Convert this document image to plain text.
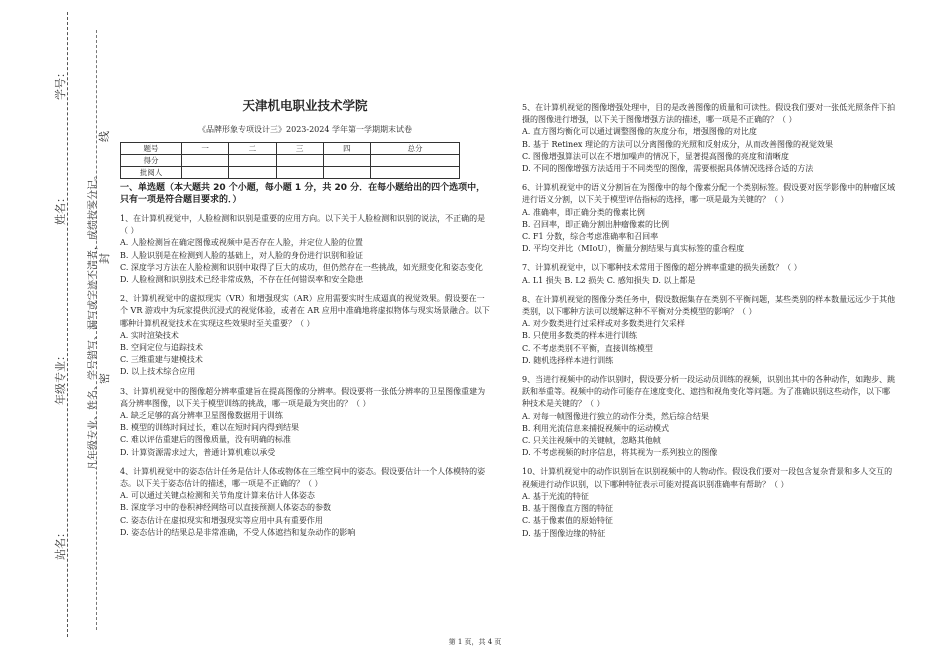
学号：
姓名：
年级专业：
站名：
凡年级专业、姓名、学号错写、漏写或字迹不清者，成绩按零分记。 密
封
线
天津机电职业技术学院
《品牌形象专项设计三》2023-2024 学年第一学期期末试卷
题号	一	二	三	四	总分
得分					
批阅人					
一、单选题（本大题共 20 个小题，每小题 1 分，共 20 分．在每小题给出的四个选项中，只有一项是符合题目要求的．）

1、在计算机视觉中，人脸检测和识别是重要的应用方向。以下关于人脸检测和识别的说法，不正确的是（ ）

A. 人脸检测旨在确定图像或视频中是否存在人脸，并定位人脸的位置

B. 人脸识别是在检测到人脸的基础上，对人脸的身份进行识别和验证

C. 深度学习方法在人脸检测和识别中取得了巨大的成功，但仍然存在一些挑战，如光照变化和姿态变化

D. 人脸检测和识别技术已经非常成熟，不存在任何错误率和安全隐患

2、计算机视觉中的虚拟现实（VR）和增强现实（AR）应用需要实时生成逼真的视觉效果。假设要在一个 VR 游戏中为玩家提供沉浸式的视觉体验，或者在 AR 应用中准确地将虚拟物体与现实场景融合。以下哪种计算机视觉技术在实现这些效果时至关重要？（ ）

A. 实时渲染技术

B. 空间定位与追踪技术

C. 三维重建与建模技术

D. 以上技术综合应用

3、计算机视觉中的图像超分辨率重建旨在提高图像的分辨率。假设要将一张低分辨率的卫星图像重建为高分辨率图像，以下关于模型训练的挑战，哪一项是最为突出的？（ ）

A. 缺乏足够的高分辨率卫星图像数据用于训练

B. 模型的训练时间过长，难以在短时间内得到结果

C. 难以评估重建后的图像质量，没有明确的标准

D. 计算资源需求过大，普通计算机难以承受

4、计算机视觉中的姿态估计任务是估计人体或物体在三维空间中的姿态。假设要估计一个人体模特的姿态。以下关于姿态估计的描述，哪一项是不正确的？（ ）

A. 可以通过关键点检测和关节角度计算来估计人体姿态

B. 深度学习中的卷积神经网络可以直接预测人体姿态的参数

C. 姿态估计在虚拟现实和增强现实等应用中具有重要作用

D. 姿态估计的结果总是非常准确，不受人体遮挡和复杂动作的影响

5、在计算机视觉的图像增强处理中，目的是改善图像的质量和可读性。假设我们要对一张低光照条件下拍摄的图像进行增强，以下关于图像增强方法的描述，哪一项是不正确的？（ ）

A. 直方图均衡化可以通过调整图像的灰度分布，增强图像的对比度

B. 基于 Retinex 理论的方法可以分离图像的光照和反射成分，从而改善图像的视觉效果

C. 图像增强算法可以在不增加噪声的情况下，显著提高图像的亮度和清晰度

D. 不同的图像增强方法适用于不同类型的图像，需要根据具体情况选择合适的方法

6、计算机视觉中的语义分割旨在为图像中的每个像素分配一个类别标签。假设要对医学影像中的肿瘤区域进行语义分割，以下关于模型评估指标的选择，哪一项是最为关键的？（ ）

A. 准确率，即正确分类的像素比例

B. 召回率，即正确分割出肿瘤像素的比例

C. F1 分数，综合考虑准确率和召回率

D. 平均交并比（MIoU），衡量分割结果与真实标签的重合程度

7、计算机视觉中，以下哪种技术常用于图像的超分辨率重建的损失函数？（ ）

A. L1 损失 B. L2 损失 C. 感知损失 D. 以上都是

8、在计算机视觉的图像分类任务中，假设数据集存在类别不平衡问题，某些类别的样本数量远远少于其他类别，以下哪种方法可以缓解这种不平衡对分类模型的影响？（ ）

A. 对少数类进行过采样或对多数类进行欠采样

B. 只使用多数类的样本进行训练

C. 不考虑类别不平衡，直接训练模型

D. 随机选择样本进行训练

9、当进行视频中的动作识别时，假设要分析一段运动员训练的视频，识别出其中的各种动作，如跑步、跳跃和举重等。视频中的动作可能存在速度变化、遮挡和视角变化等问题。为了准确识别这些动作，以下哪种技术是关键的？（ ）

A. 对每一帧图像进行独立的动作分类，然后综合结果

B. 利用光流信息来捕捉视频中的运动模式

C. 只关注视频中的关键帧，忽略其他帧

D. 不考虑视频的时序信息，将其视为一系列独立的图像

10、计算机视觉中的动作识别旨在识别视频中的人物动作。假设我们要对一段包含复杂背景和多人交互的视频进行动作识别，以下哪种特征表示可能对提高识别准确率有帮助？（ ）

A. 基于光流的特征

B. 基于图像直方图的特征

C. 基于像素值的原始特征

D. 基于图像边缘的特征

第 1 页，共 4 页
